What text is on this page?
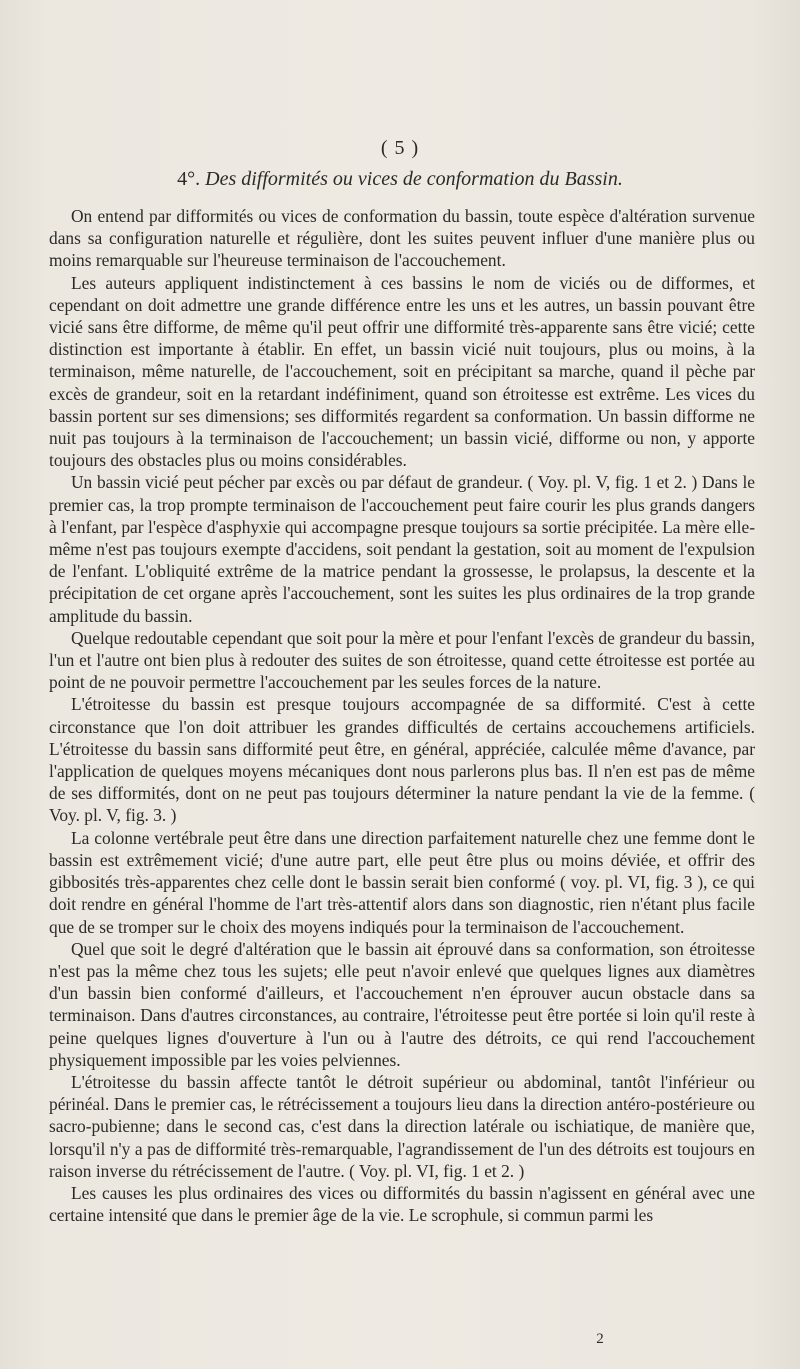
( 5 )
4°. Des difformités ou vices de conformation du Bassin.

On entend par difformités ou vices de conformation du bassin, toute espèce d'altération survenue dans sa configuration naturelle et régulière, dont les suites peuvent influer d'une manière plus ou moins remarquable sur l'heureuse terminaison de l'accouchement.

Les auteurs appliquent indistinctement à ces bassins le nom de viciés ou de difformes, et cependant on doit admettre une grande différence entre les uns et les autres, un bassin pouvant être vicié sans être difforme, de même qu'il peut offrir une difformité très-apparente sans être vicié; cette distinction est importante à établir. En effet, un bassin vicié nuit toujours, plus ou moins, à la terminaison, même naturelle, de l'accouchement, soit en précipitant sa marche, quand il pèche par excès de grandeur, soit en la retardant indéfiniment, quand son étroitesse est extrême. Les vices du bassin portent sur ses dimensions; ses difformités regardent sa conformation. Un bassin difforme ne nuit pas toujours à la terminaison de l'accouchement; un bassin vicié, difforme ou non, y apporte toujours des obstacles plus ou moins considérables.

Un bassin vicié peut pécher par excès ou par défaut de grandeur. ( Voy. pl. V, fig. 1 et 2. ) Dans le premier cas, la trop prompte terminaison de l'accouchement peut faire courir les plus grands dangers à l'enfant, par l'espèce d'asphyxie qui accompagne presque toujours sa sortie précipitée. La mère elle-même n'est pas toujours exempte d'accidens, soit pendant la gestation, soit au moment de l'expulsion de l'enfant. L'obliquité extrême de la matrice pendant la grossesse, le prolapsus, la descente et la précipitation de cet organe après l'accouchement, sont les suites les plus ordinaires de la trop grande amplitude du bassin.

Quelque redoutable cependant que soit pour la mère et pour l'enfant l'excès de grandeur du bassin, l'un et l'autre ont bien plus à redouter des suites de son étroitesse, quand cette étroitesse est portée au point de ne pouvoir permettre l'accouchement par les seules forces de la nature.

L'étroitesse du bassin est presque toujours accompagnée de sa difformité. C'est à cette circonstance que l'on doit attribuer les grandes difficultés de certains accouchemens artificiels. L'étroitesse du bassin sans difformité peut être, en général, appréciée, calculée même d'avance, par l'application de quelques moyens mécaniques dont nous parlerons plus bas. Il n'en est pas de même de ses difformités, dont on ne peut pas toujours déterminer la nature pendant la vie de la femme. ( Voy. pl. V, fig. 3. )

La colonne vertébrale peut être dans une direction parfaitement naturelle chez une femme dont le bassin est extrêmement vicié; d'une autre part, elle peut être plus ou moins déviée, et offrir des gibbosités très-apparentes chez celle dont le bassin serait bien conformé ( voy. pl. VI, fig. 3 ), ce qui doit rendre en général l'homme de l'art très-attentif alors dans son diagnostic, rien n'étant plus facile que de se tromper sur le choix des moyens indiqués pour la terminaison de l'accouchement.

Quel que soit le degré d'altération que le bassin ait éprouvé dans sa conformation, son étroitesse n'est pas la même chez tous les sujets; elle peut n'avoir enlevé que quelques lignes aux diamètres d'un bassin bien conformé d'ailleurs, et l'accouchement n'en éprouver aucun obstacle dans sa terminaison. Dans d'autres circonstances, au contraire, l'étroitesse peut être portée si loin qu'il reste à peine quelques lignes d'ouverture à l'un ou à l'autre des détroits, ce qui rend l'accouchement physiquement impossible par les voies pelviennes.

L'étroitesse du bassin affecte tantôt le détroit supérieur ou abdominal, tantôt l'inférieur ou périnéal. Dans le premier cas, le rétrécissement a toujours lieu dans la direction antéro-postérieure ou sacro-pubienne; dans le second cas, c'est dans la direction latérale ou ischiatique, de manière que, lorsqu'il n'y a pas de difformité très-remarquable, l'agrandissement de l'un des détroits est toujours en raison inverse du rétrécissement de l'autre. ( Voy. pl. VI, fig. 1 et 2. )

Les causes les plus ordinaires des vices ou difformités du bassin n'agissent en général avec une certaine intensité que dans le premier âge de la vie. Le scrophule, si commun parmi les

2
